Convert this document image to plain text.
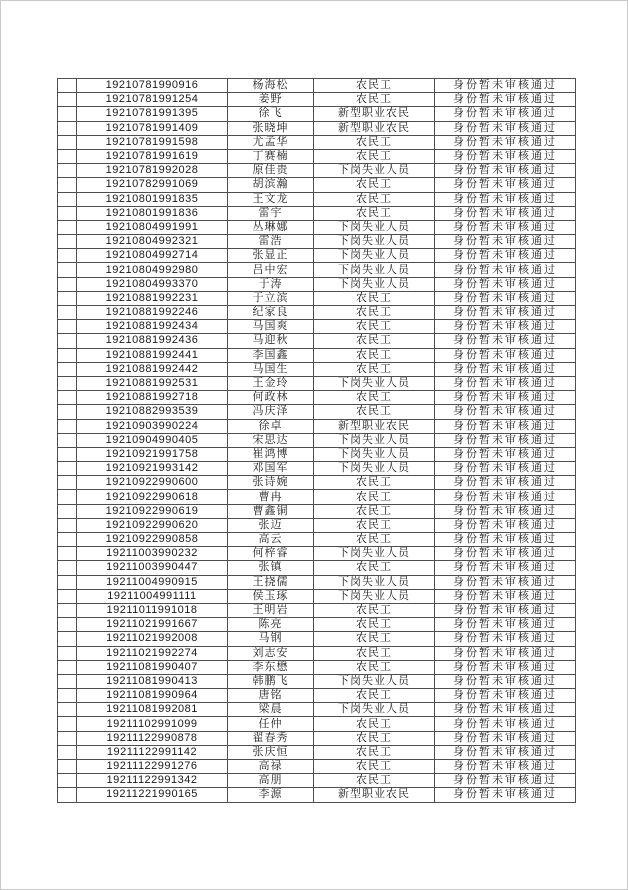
	19210781990916	杨海松	农民工	身份暂未审核通过
	19210781991254	姜野	农民工	身份暂未审核通过
	19210781991395	徐飞	新型职业农民	身份暂未审核通过
	19210781991409	张晓坤	新型职业农民	身份暂未审核通过
	19210781991598	尤孟华	农民工	身份暂未审核通过
	19210781991619	丁赛楠	农民工	身份暂未审核通过
	19210781992028	原佳贵	下岗失业人员	身份暂未审核通过
	19210782991069	胡滨瀚	农民工	身份暂未审核通过
	19210801991835	王文龙	农民工	身份暂未审核通过
	19210801991836	雷宇	农民工	身份暂未审核通过
	19210804991991	丛琳娜	下岗失业人员	身份暂未审核通过
	19210804992321	雷浩	下岗失业人员	身份暂未审核通过
	19210804992714	张显正	下岗失业人员	身份暂未审核通过
	19210804992980	吕中宏	下岗失业人员	身份暂未审核通过
	19210804993370	于涛	下岗失业人员	身份暂未审核通过
	19210881992231	于立滨	农民工	身份暂未审核通过
	19210881992246	纪家良	农民工	身份暂未审核通过
	19210881992434	马国爽	农民工	身份暂未审核通过
	19210881992436	马迎秋	农民工	身份暂未审核通过
	19210881992441	李国鑫	农民工	身份暂未审核通过
	19210881992442	马国生	农民工	身份暂未审核通过
	19210881992531	王金玲	下岗失业人员	身份暂未审核通过
	19210881992718	何政林	农民工	身份暂未审核通过
	19210882993539	冯庆泽	农民工	身份暂未审核通过
	19210903990224	徐卓	新型职业农民	身份暂未审核通过
	19210904990405	宋思达	下岗失业人员	身份暂未审核通过
	19210921991758	崔鸿博	下岗失业人员	身份暂未审核通过
	19210921993142	邓国军	下岗失业人员	身份暂未审核通过
	19210922990600	张诗婉	农民工	身份暂未审核通过
	19210922990618	曹冉	农民工	身份暂未审核通过
	19210922990619	曹鑫铜	农民工	身份暂未审核通过
	19210922990620	张迈	农民工	身份暂未审核通过
	19210922990858	高云	农民工	身份暂未审核通过
	19211003990232	何梓睿	下岗失业人员	身份暂未审核通过
	19211003990447	张镇	农民工	身份暂未审核通过
	19211004990915	王挠儒	下岗失业人员	身份暂未审核通过
	19211004991111	侯玉琢	下岗失业人员	身份暂未审核通过
	19211011991018	王明岩	农民工	身份暂未审核通过
	19211021991667	陈亮	农民工	身份暂未审核通过
	19211021992008	马钢	农民工	身份暂未审核通过
	19211021992274	刘志安	农民工	身份暂未审核通过
	19211081990407	李东懋	农民工	身份暂未审核通过
	19211081990413	韩鹏飞	下岗失业人员	身份暂未审核通过
	19211081990964	唐铭	农民工	身份暂未审核通过
	19211081992081	梁晨	下岗失业人员	身份暂未审核通过
	19211102991099	任仲	农民工	身份暂未审核通过
	19211122990878	翟春秀	农民工	身份暂未审核通过
	19211122991142	张庆恒	农民工	身份暂未审核通过
	19211122991276	高禄	农民工	身份暂未审核通过
	19211122991342	高朋	农民工	身份暂未审核通过
	19211221990165	李源	新型职业农民	身份暂未审核通过
